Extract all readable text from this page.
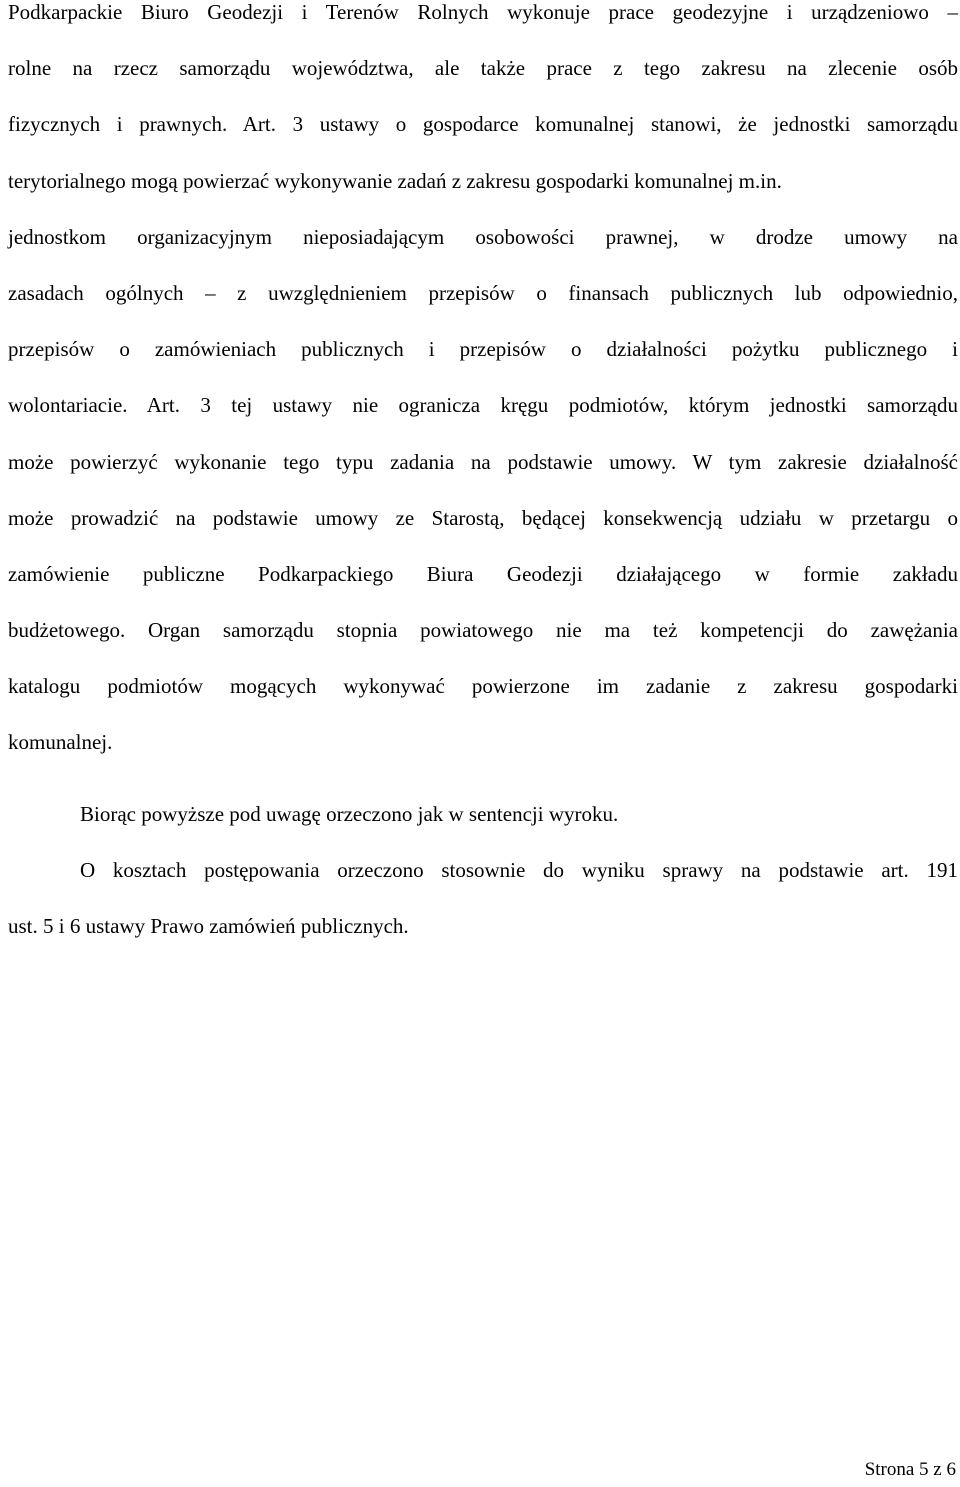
Podkarpackie Biuro Geodezji i Terenów Rolnych wykonuje prace geodezyjne i urządzeniowo –
rolne na rzecz samorządu województwa, ale także prace z tego zakresu na zlecenie osób
fizycznych i prawnych. Art. 3 ustawy o gospodarce komunalnej stanowi, że jednostki samorządu
terytorialnego mogą powierzać wykonywanie zadań z zakresu gospodarki komunalnej m.in.
jednostkom organizacyjnym nieposiadającym osobowości prawnej, w drodze umowy na
zasadach ogólnych – z uwzględnieniem przepisów o finansach publicznych lub odpowiednio,
przepisów o zamówieniach publicznych i przepisów o działalności pożytku publicznego i
wolontariacie. Art. 3 tej ustawy nie ogranicza kręgu podmiotów, którym jednostki samorządu
może powierzyć wykonanie tego typu zadania na podstawie umowy. W tym zakresie działalność
może prowadzić na podstawie umowy ze Starostą, będącej konsekwencją udziału w przetargu o
zamówienie publiczne Podkarpackiego Biura Geodezji działającego w formie zakładu
budżetowego. Organ samorządu stopnia powiatowego nie ma też kompetencji do zawężania
katalogu podmiotów mogących wykonywać powierzone im zadanie z zakresu gospodarki
komunalnej.
Biorąc powyższe pod uwagę orzeczono jak w sentencji wyroku.
O kosztach postępowania orzeczono stosownie do wyniku sprawy na podstawie art. 191
ust. 5 i 6 ustawy Prawo zamówień publicznych.
Strona 5 z 6
